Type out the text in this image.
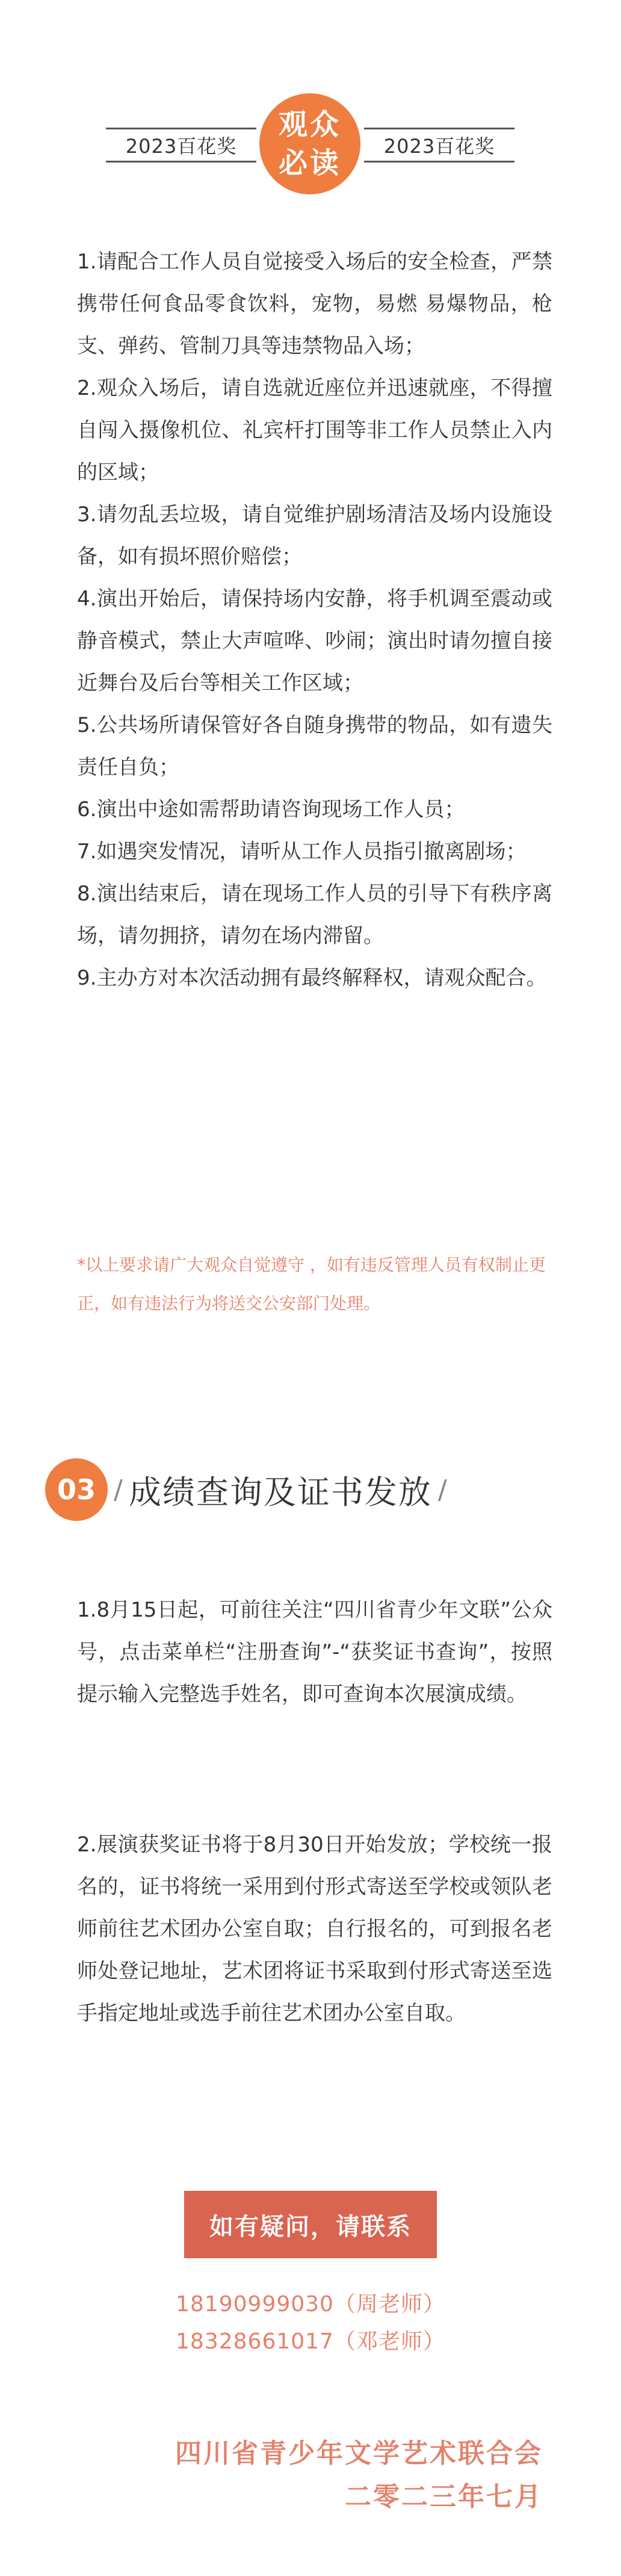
2023百花奖
观众
必读	2023百花奖

1.请配合工作人员自觉接受入场后的安全检查，严禁携带任何食品零食饮料，宠物，易燃 易爆物品，枪支、弹药、管制刀具等违禁物品入场；

2.观众入场后，请自选就近座位并迅速就座，不得擅自闯入摄像机位、礼宾杆打围等非工作人员禁止入内的区域；

3.请勿乱丢垃圾，请自觉维护剧场清洁及场内设施设备，如有损坏照价赔偿；

4.演出开始后，请保持场内安静，将手机调至震动或静音模式，禁止大声喧哗、吵闹；演出时请勿擅自接近舞台及后台等相关工作区域；

5.公共场所请保管好各自随身携带的物品，如有遗失责任自负；

6.演出中途如需帮助请咨询现场工作人员；

7.如遇突发情况，请听从工作人员指引撤离剧场；

8.演出结束后，请在现场工作人员的引导下有秩序离场，请勿拥挤，请勿在场内滞留。

9.主办方对本次活动拥有最终解释权，请观众配合。

*以上要求请广大观众自觉遵守 ，如有违反管理人员有权制止更正，如有违法行为将送交公安部门处理。
03 / 成绩查询及证书发放 /
1.8月15日起，可前往关注“四川省青少年文联”公众号，点击菜单栏“注册查询”-“获奖证书查询”，按照提示输入完整选手姓名，即可查询本次展演成绩。
2.展演获奖证书将于8月30日开始发放；学校统一报名的，证书将统一采用到付形式寄送至学校或领队老师前往艺术团办公室自取；自行报名的，可到报名老师处登记地址，艺术团将证书采取到付形式寄送至选手指定地址或选手前往艺术团办公室自取。
如有疑问，请联系
18190999030（周老师）
18328661017（邓老师）
四川省青少年文学艺术联合会
二零二三年七月
